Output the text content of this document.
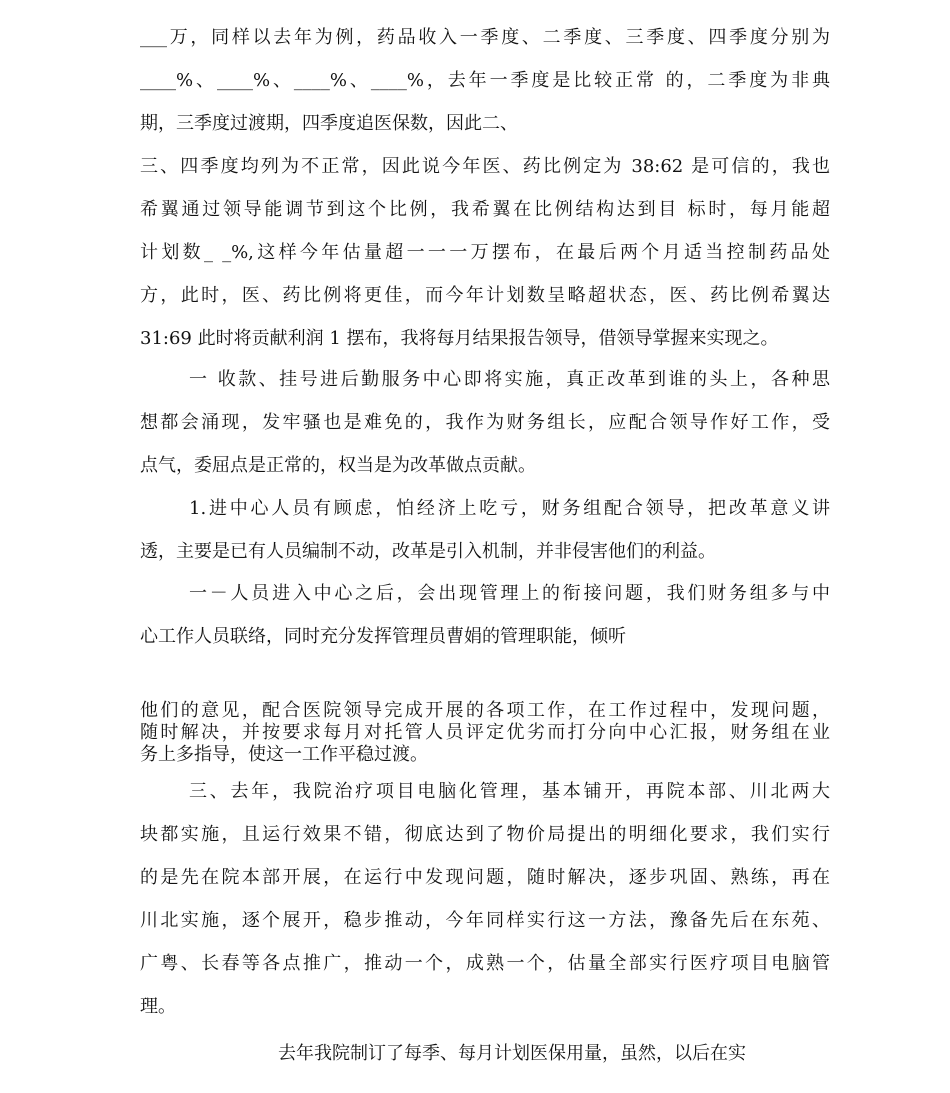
___万，同样以去年为例，药品收入一季度、二季度、三季度、四季度分别为
____%、____%、____%、____%，去年一季度是比较正常 的，二季度为非典
期，三季度过渡期，四季度追医保数，因此二、
三、四季度均列为不正常，因此说今年医、药比例定为 38:62 是可信的，我也
希翼通过领导能调节到这个比例，我希翼在比例结构达到目 标时，每月能超
计划数_ _%,这样今年估量超一一一万摆布，在最后两个月适当控制药品处
方，此时，医、药比例将更佳，而今年计划数呈略超状态，医、药比例希翼达
31:69 此时将贡献利润 1 摆布，我将每月结果报告领导，借领导掌握来实现之。
一 收款、挂号进后勤服务中心即将实施，真正改革到谁的头上，各种思
想都会涌现，发牢骚也是难免的，我作为财务组长，应配合领导作好工作，受
点气，委屈点是正常的，权当是为改革做点贡献。
1.进中心人员有顾虑，怕经济上吃亏，财务组配合领导，把改革意义讲
透，主要是已有人员编制不动，改革是引入机制，并非侵害他们的利益。
一－人员进入中心之后，会出现管理上的衔接问题，我们财务组多与中
心工作人员联络，同时充分发挥管理员曹娟的管理职能，倾听
他们的意见，配合医院领导完成开展的各项工作，在工作过程中，发现问题，
随时解决，并按要求每月对托管人员评定优劣而打分向中心汇报，财务组在业
务上多指导，使这一工作平稳过渡。
三、去年，我院治疗项目电脑化管理，基本铺开，再院本部、川北两大
块都实施，且运行效果不错，彻底达到了物价局提出的明细化要求，我们实行
的是先在院本部开展，在运行中发现问题，随时解决，逐步巩固、熟练，再在
川北实施，逐个展开，稳步推动，今年同样实行这一方法，豫备先后在东苑、
广粤、长春等各点推广，推动一个，成熟一个，估量全部实行医疗项目电脑管
理。
去年我院制订了每季、每月计划医保用量，虽然，以后在实
